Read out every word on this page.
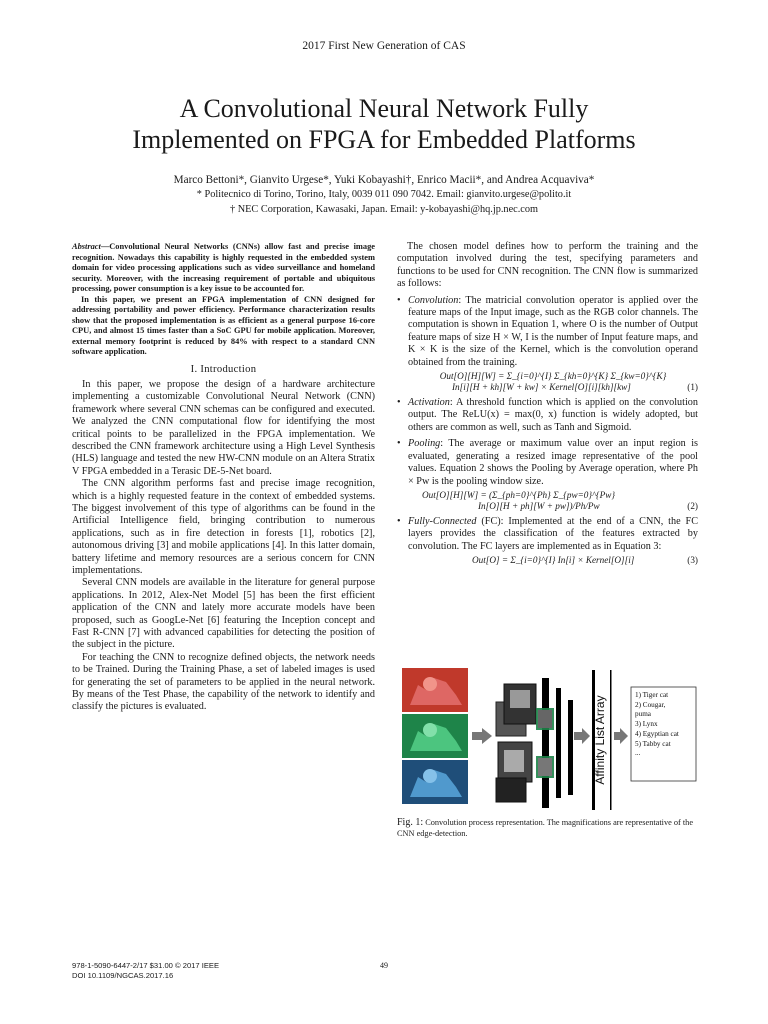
2017 First New Generation of CAS
A Convolutional Neural Network Fully
Implemented on FPGA for Embedded Platforms
Marco Bettoni*, Gianvito Urgese*, Yuki Kobayashi†, Enrico Macii*, and Andrea Acquaviva*
* Politecnico di Torino, Torino, Italy, 0039 011 090 7042. Email: gianvito.urgese@polito.it
† NEC Corporation, Kawasaki, Japan. Email: y-kobayashi@hq.jp.nec.com

Abstract—Convolutional Neural Networks (CNNs) allow fast and precise image recognition. Nowadays this capability is highly requested in the embedded system domain for video processing applications such as video surveillance and homeland security. Moreover, with the increasing requirement of portable and ubiquitous processing, power consumption is a key issue to be accounted for.

In this paper, we present an FPGA implementation of CNN designed for addressing portability and power efficiency. Performance characterization results show that the proposed implementation is as efficient as a general purpose 16-core CPU, and almost 15 times faster than a SoC GPU for mobile application. Moreover, external memory footprint is reduced by 84% with respect to a standard CNN software application.

I. Introduction

In this paper, we propose the design of a hardware architecture implementing a customizable Convolutional Neural Network (CNN) framework where several CNN schemas can be configured and executed. We analyzed the CNN computational flow for identifying the most critical points to be parallelized in the FPGA implementation. We described the CNN framework architecture using a High Level Synthesis (HLS) language and tested the new HW-CNN module on an Altera Stratix V FPGA embedded in a Terasic DE-5-Net board.

The CNN algorithm performs fast and precise image recognition, which is a highly requested feature in the context of embedded systems. The biggest involvement of this type of algorithms can be found in the Artificial Intelligence field, bringing contribution to numerous applications, such as in fire detection in forests [1], robotics [2], autonomous driving [3] and mobile applications [4]. In this latter domain, battery lifetime and memory resources are a serious concern for CNN implementations.

Several CNN models are available in the literature for general purpose applications. In 2012, Alex-Net Model [5] has been the first efficient application of the CNN and lately more accurate models have been proposed, such as GoogLe-Net [6] featuring the Inception concept and Fast R-CNN [7] with advanced capabilities for detecting the position of the subject in the picture.

For teaching the CNN to recognize defined objects, the network needs to be Trained. During the Training Phase, a set of labeled images is used for generating the set of parameters to be applied in the neural network. By means of the Test Phase, the capability of the network to identify and classify the pictures is evaluated.

The chosen model defines how to perform the training and the computation involved during the test, specifying parameters and functions to be used for CNN recognition. The CNN flow is summarized as follows:

• Convolution: The matricial convolution operator is applied over the feature maps of the Input image, such as the RGB color channels. The computation is shown in Equation 1, where O is the number of Output feature maps of size H × W, I is the number of Input feature maps, and K × K is the size of the Kernel, which is the convolution operand obtained from the training.
Out[O][H][W] = Σ_{i=0}^{I} Σ_{kh=0}^{K} Σ_{kw=0}^{K}
In[i][H + kh][W + kw] × Kernel[O][i][kh][kw]	(1)
• Activation: A threshold function which is applied on the convolution output. The ReLU(x) = max(0, x) function is widely adopted, but others are common as well, such as Tanh and Sigmoid.
• Pooling: The average or maximum value over an input region is evaluated, generating a resized image representative of the pool values. Equation 2 shows the Pooling by Average operation, where Ph × Pw is the pooling window size.
Out[O][H][W] = (Σ_{ph=0}^{Ph} Σ_{pw=0}^{Pw}
In[O][H + ph][W + pw])/Ph/Pw	(2)
• Fully-Connected (FC): Implemented at the end of a CNN, the FC layers provides the classification of the features extracted by convolution. The FC layers are implemented as in Equation 3:
Out[O] = Σ_{i=0}^{I} In[i] × Kernel[O][i]	(3)
Affinity List Array
1) Tiger cat
2) Cougar,
puma
3) Lynx
4) Egyptian cat
5) Tabby cat
...
Fig. 1: Convolution process representation. The magnifications are representative of the CNN edge-detection.
978-1-5090-6447-2/17 $31.00 © 2017 IEEE
DOI 10.1109/NGCAS.2017.16
49
